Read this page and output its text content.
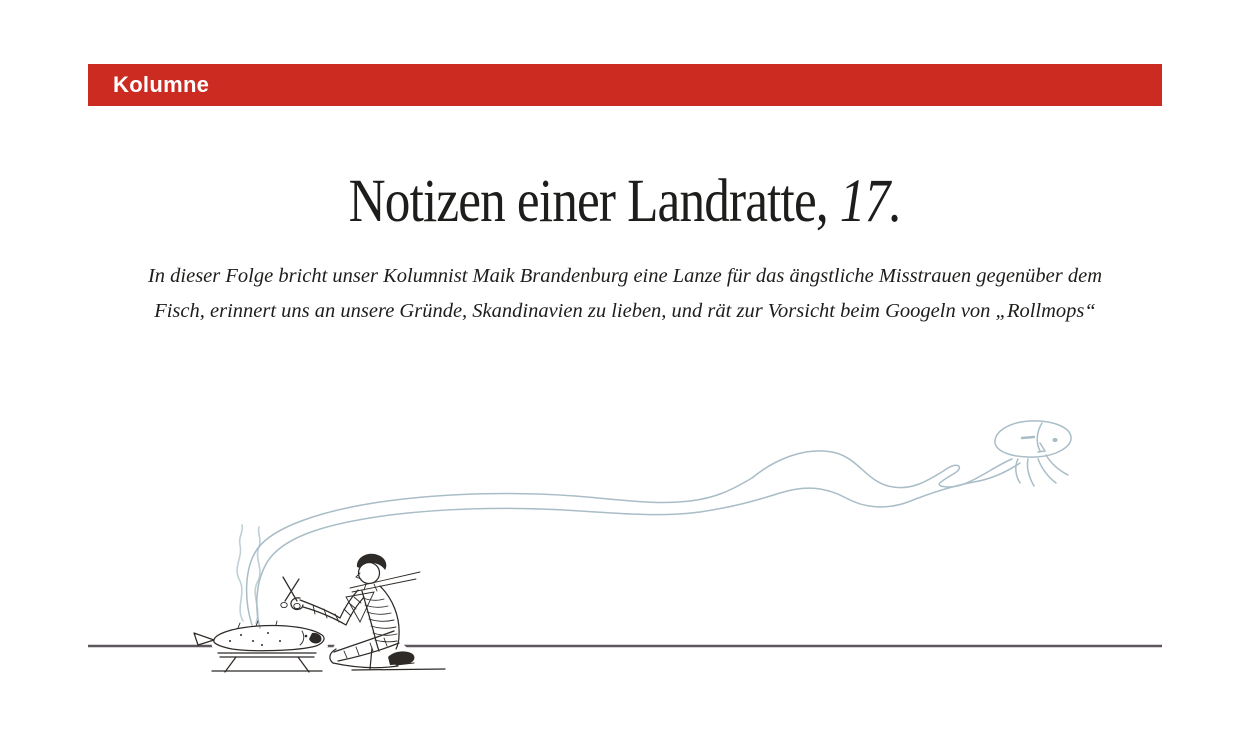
Kolumne
Notizen einer Landratte, 17.

In dieser Folge bricht unser Kolumnist Maik Brandenburg eine Lanze für das ängstliche Misstrauen gegenüber dem
Fisch, erinnert uns an unsere Gründe, Skandinavien zu lieben, und rät zur Vorsicht beim Googeln von „Rollmops“
